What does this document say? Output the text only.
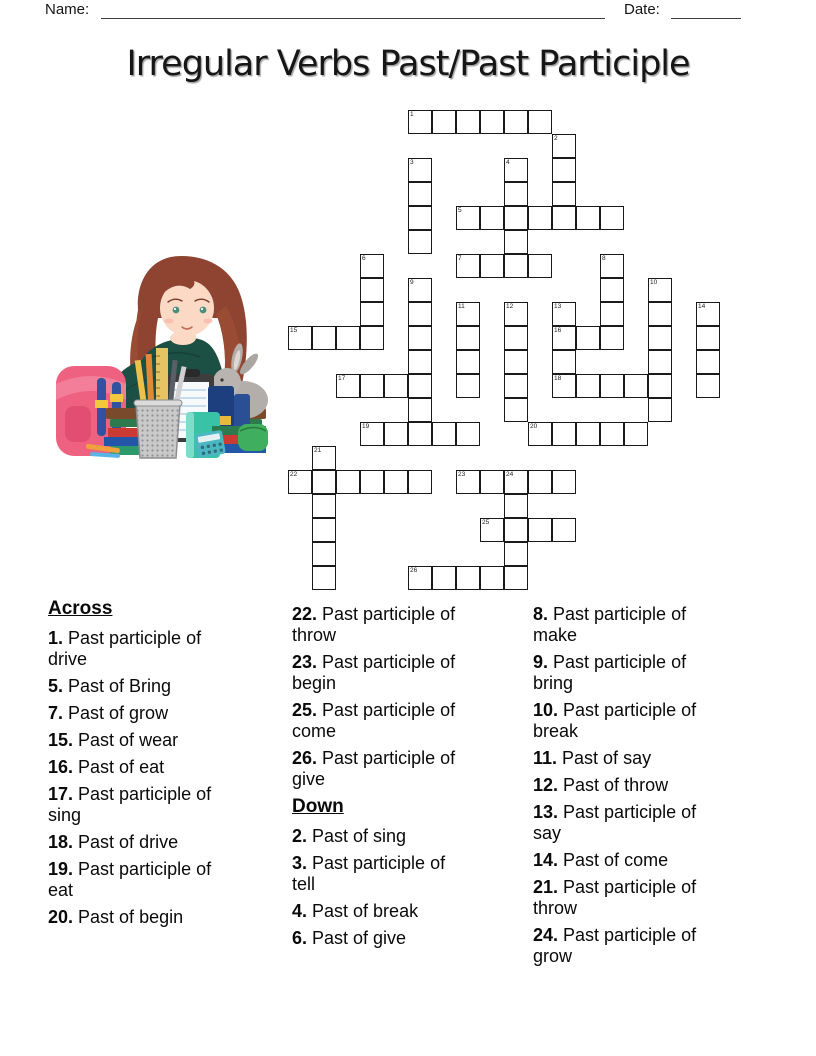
Name:	Date:
Irregular Verbs Past/Past Participle
1
2
3	4
5
6	7	8
9	10
11	12	13	14
15	16
17	18
19	20
21
22	23	24
25
26
Across
1. Past participle of drive
5. Past of Bring
7. Past of grow
15. Past of wear
16. Past of eat
17. Past participle of sing
18. Past of drive
19. Past participle of eat
20. Past of begin
22. Past participle of throw
23. Past participle of begin
25. Past participle of come
26. Past participle of give
Down
2. Past of sing
3. Past participle of tell
4. Past of break
6. Past of give
8. Past participle of make
9. Past participle of bring
10. Past participle of break
11. Past of say
12. Past of throw
13. Past participle of say
14. Past of come
21. Past participle of throw
24. Past participle of grow
